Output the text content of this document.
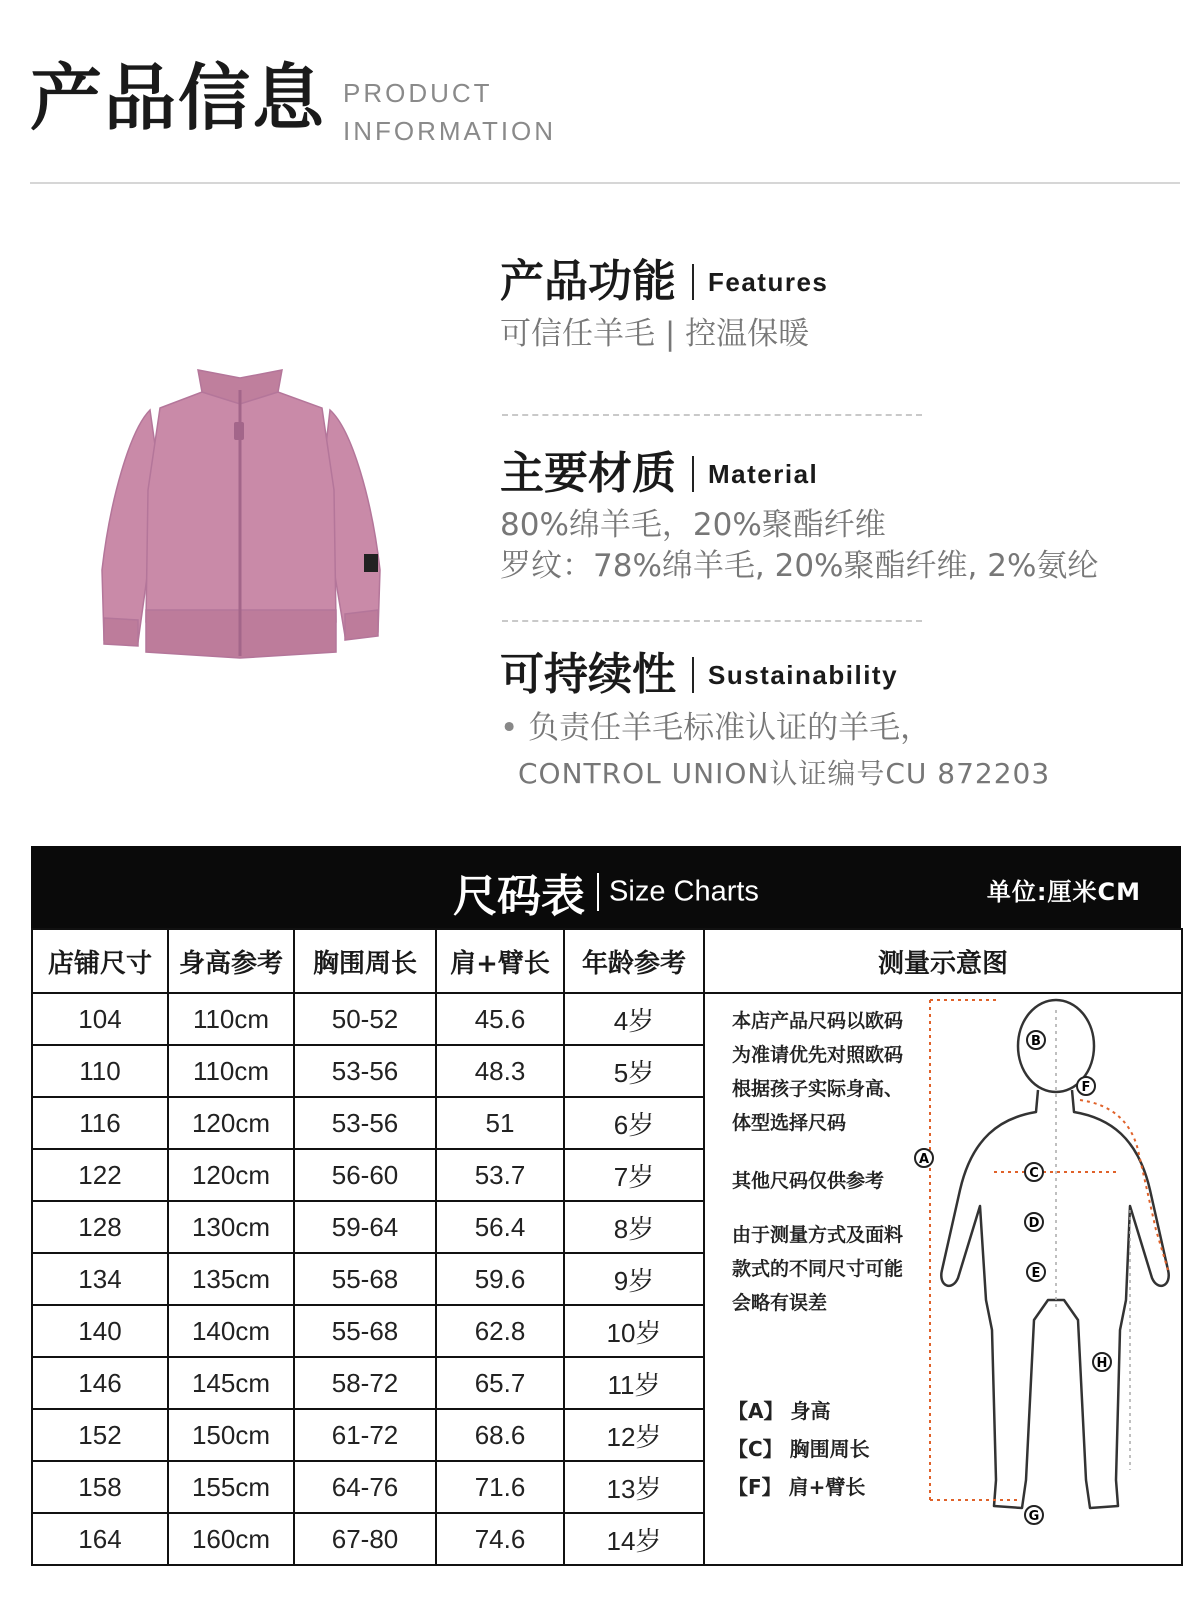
产品信息 PRODUCT
INFORMATION
产品功能 Features
可信任羊毛 | 控温保暖
主要材质 Material
80%绵羊毛，20%聚酯纤维
罗纹：78%绵羊毛, 20%聚酯纤维, 2%氨纶
可持续性 Sustainability
• 负责任羊毛标准认证的羊毛，
CONTROL UNION认证编号CU 872203
尺码表 Size Charts	单位:厘米CM
店铺尺寸	身高参考	胸围周长	肩+臂长	年龄参考	测量示意图
104	110cm	50-52	45.6	4岁	
110	110cm	53-56	48.3	5岁	
116	120cm	53-56	51	6岁	
122	120cm	56-60	53.7	7岁	
128	130cm	59-64	56.4	8岁	
134	135cm	55-68	59.6	9岁	
140	140cm	55-68	62.8	10岁	
146	145cm	58-72	65.7	11岁	
152	150cm	61-72	68.6	12岁	
158	155cm	64-76	71.6	13岁	
164	160cm	67-80	74.6	14岁	
本店产品尺码以欧码
为准请优先对照欧码
根据孩子实际身高、
体型选择尺码
其他尺码仅供参考
由于测量方式及面料
款式的不同尺寸可能
会略有误差
【A】 身高
【C】 胸围周长
【F】 肩+臂长
A
B
C
D
E
F
G
H
